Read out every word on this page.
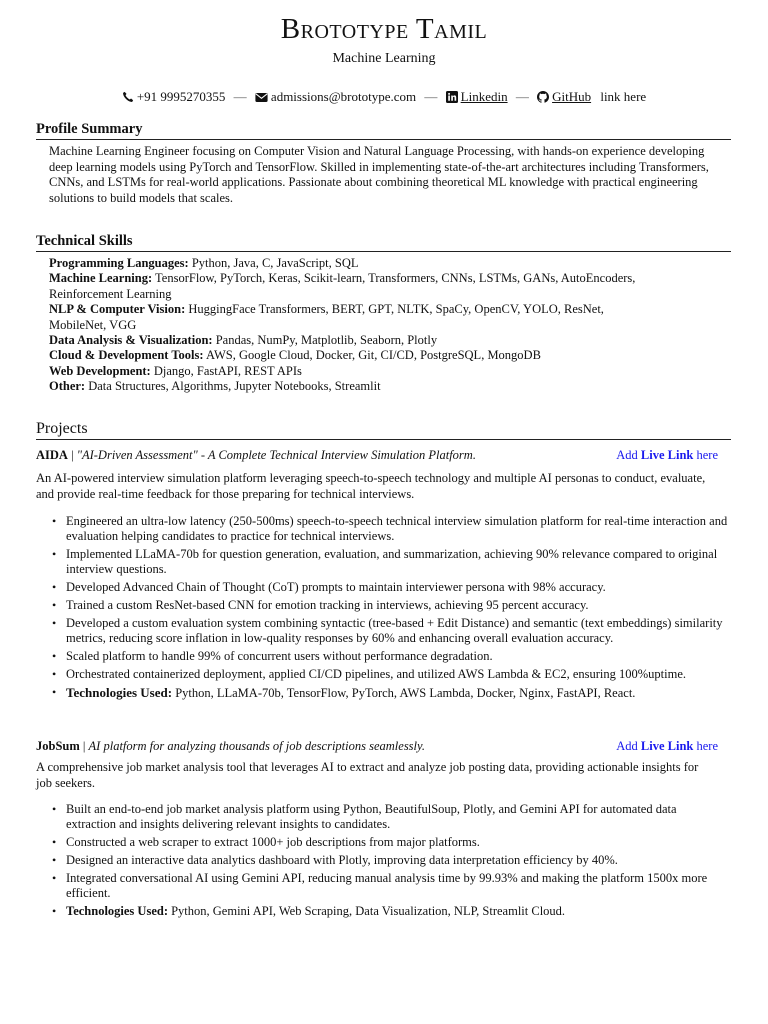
Brototype Tamil
Machine Learning
+91 9995270355 — admissions@brototype.com — Linkedin — GitHub link here
Profile Summary

Machine Learning Engineer focusing on Computer Vision and Natural Language Processing, with hands-on experience developing deep learning models using PyTorch and TensorFlow. Skilled in implementing state-of-the-art architectures including Transformers, CNNs, and LSTMs for real-world applications. Passionate about combining theoretical ML knowledge with practical engineering solutions to build models that scales.

Technical Skills

Programming Languages: Python, Java, C, JavaScript, SQL

Machine Learning: TensorFlow, PyTorch, Keras, Scikit-learn, Transformers, CNNs, LSTMs, GANs, AutoEncoders, Reinforcement Learning

NLP & Computer Vision: HuggingFace Transformers, BERT, GPT, NLTK, SpaCy, OpenCV, YOLO, ResNet, MobileNet, VGG

Data Analysis & Visualization: Pandas, NumPy, Matplotlib, Seaborn, Plotly

Cloud & Development Tools: AWS, Google Cloud, Docker, Git, CI/CD, PostgreSQL, MongoDB

Web Development: Django, FastAPI, REST APIs

Other: Data Structures, Algorithms, Jupyter Notebooks, Streamlit

Projects
AIDA | "AI-Driven Assessment" - A Complete Technical Interview Simulation Platform.	Add Live Link here

An AI-powered interview simulation platform leveraging speech-to-speech technology and multiple AI personas to conduct, evaluate, and provide real-time feedback for those preparing for technical interviews.

• Engineered an ultra-low latency (250-500ms) speech-to-speech technical interview simulation platform for real-time interaction and evaluation helping candidates to practice for technical interviews.
• Implemented LLaMA-70b for question generation, evaluation, and summarization, achieving 90% relevance compared to original interview questions.
• Developed Advanced Chain of Thought (CoT) prompts to maintain interviewer persona with 98% accuracy.
• Trained a custom ResNet-based CNN for emotion tracking in interviews, achieving 95 percent accuracy.
• Developed a custom evaluation system combining syntactic (tree-based + Edit Distance) and semantic (text embeddings) similarity metrics, reducing score inflation in low-quality responses by 60% and enhancing overall evaluation accuracy.
• Scaled platform to handle 99% of concurrent users without performance degradation.
• Orchestrated containerized deployment, applied CI/CD pipelines, and utilized AWS Lambda & EC2, ensuring 100%uptime.
• Technologies Used: Python, LLaMA-70b, TensorFlow, PyTorch, AWS Lambda, Docker, Nginx, FastAPI, React.
JobSum | AI platform for analyzing thousands of job descriptions seamlessly.	Add Live Link here

A comprehensive job market analysis tool that leverages AI to extract and analyze job posting data, providing actionable insights for job seekers.

• Built an end-to-end job market analysis platform using Python, BeautifulSoup, Plotly, and Gemini API for automated data extraction and insights delivering relevant insights to candidates.
• Constructed a web scraper to extract 1000+ job descriptions from major platforms.
• Designed an interactive data analytics dashboard with Plotly, improving data interpretation efficiency by 40%.
• Integrated conversational AI using Gemini API, reducing manual analysis time by 99.93% and making the platform 1500x more efficient.
• Technologies Used: Python, Gemini API, Web Scraping, Data Visualization, NLP, Streamlit Cloud.
